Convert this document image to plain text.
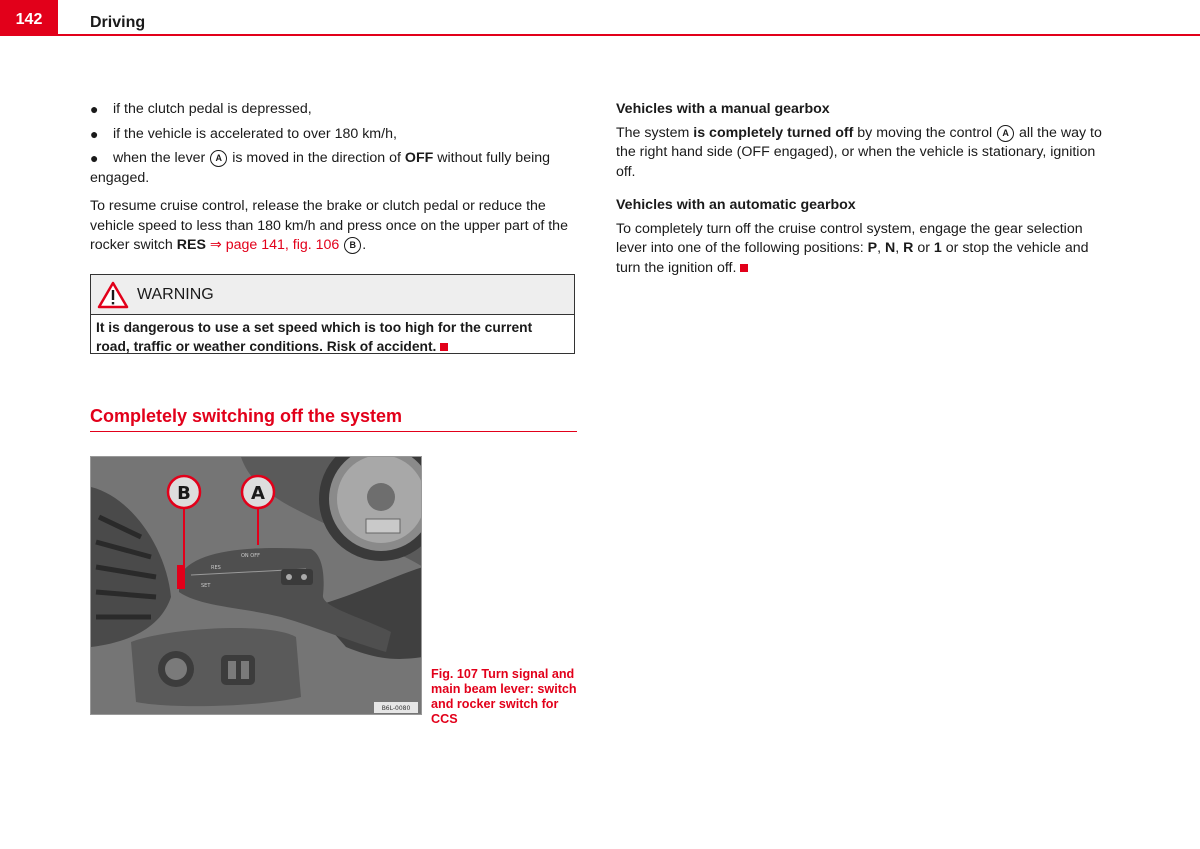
142	Driving
● if the clutch pedal is depressed,
● if the vehicle is accelerated to over 180 km/h,
● when the lever A is moved in the direction of OFF without fully being engaged.

To resume cruise control, release the brake or clutch pedal or reduce the vehicle speed to less than 180 km/h and press once on the upper part of the rocker switch RES ⇒ page 141, fig. 106 B .

WARNING
It is dangerous to use a set speed which is too high for the current road, traffic or weather conditions. Risk of accident.
Completely switching off the system
RES
SET
ON OFF
B6L-0080
B	A
Fig. 107 Turn signal and main beam lever: switch and rocker switch for CCS
Vehicles with a manual gearbox

The system is completely turned off by moving the control A all the way to the right hand side (OFF engaged), or when the vehicle is stationary, ignition off.

Vehicles with an automatic gearbox

To completely turn off the cruise control system, engage the gear selection lever into one of the following positions: P, N, R or 1 or stop the vehicle and turn the ignition off.
